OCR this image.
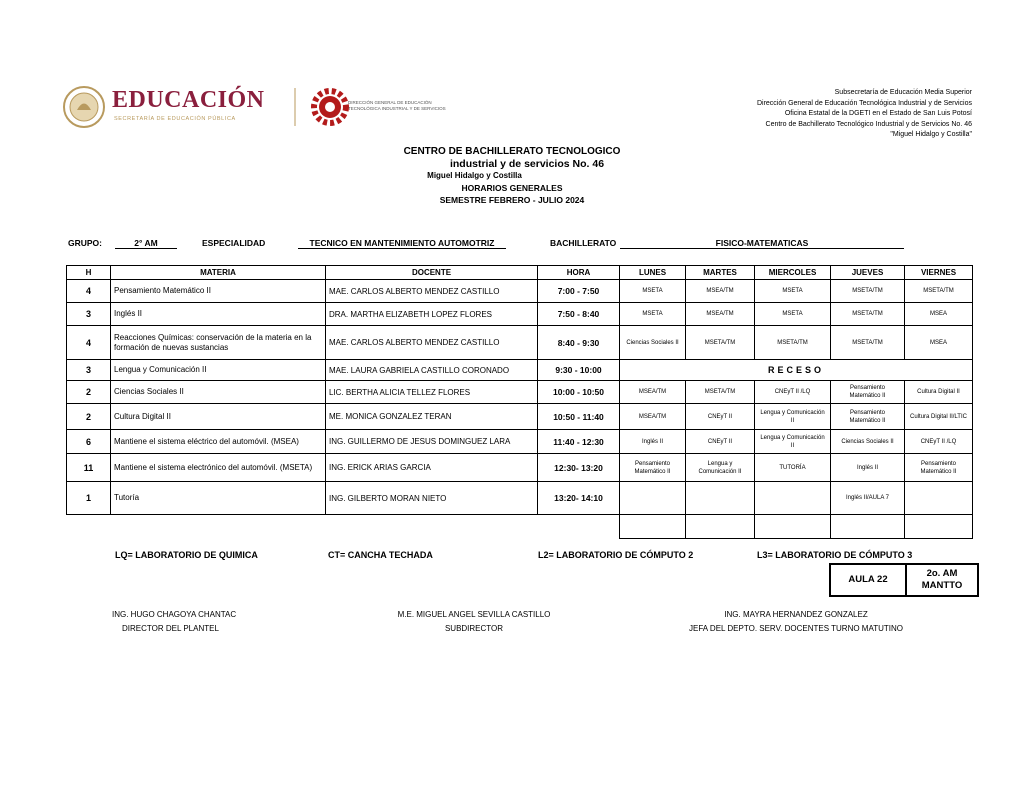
EDUCACIÓN
SECRETARÍA DE EDUCACIÓN PÚBLICA
DIRECCIÓN GENERAL DE EDUCACIÓN
TECNOLÓGICA INDUSTRIAL Y DE SERVICIOS
Subsecretaría de Educación Media Superior
Dirección General de Educación Tecnológica Industrial y de Servicios
Oficina Estatal de la DGETI en el Estado de San Luis Potosí
Centro de Bachillerato Tecnológico Industrial y de Servicios No. 46
"Miguel Hidalgo y Costilla"
CENTRO DE BACHILLERATO TECNOLOGICO
industrial y de servicios No. 46
Miguel Hidalgo y Costilla
HORARIOS GENERALES
SEMESTRE FEBRERO - JULIO 2024
GRUPO:	2° AM	ESPECIALIDAD	TECNICO EN MANTENIMIENTO AUTOMOTRIZ	BACHILLERATO	FISICO-MATEMATICAS
H	MATERIA	DOCENTE	HORA	LUNES	MARTES	MIERCOLES	JUEVES	VIERNES
4	Pensamiento Matemático II	MAE. CARLOS ALBERTO MENDEZ CASTILLO	7:00 - 7:50	MSETA	MSEA/TM	MSETA	MSETA/TM	MSETA/TM
3	Inglés II	DRA. MARTHA ELIZABETH LOPEZ FLORES	7:50 - 8:40	MSETA	MSEA/TM	MSETA	MSETA/TM	MSEA
4	Reacciones Químicas: conservación de la materia en la formación de nuevas sustancias	MAE. CARLOS ALBERTO MENDEZ CASTILLO	8:40 - 9:30	Ciencias Sociales II	MSETA/TM	MSETA/TM	MSETA/TM	MSEA
3	Lengua y Comunicación II	MAE. LAURA GABRIELA CASTILLO CORONADO	9:30 - 10:00	RECESO				
2	Ciencias Sociales II	LIC. BERTHA ALICIA TELLEZ FLORES	10:00 - 10:50	MSEA/TM	MSETA/TM	CNEyT II /LQ	Pensamiento Matemático II	Cultura Digital II
2	Cultura Digital II	ME. MONICA GONZALEZ TERAN	10:50 - 11:40	MSEA/TM	CNEyT II	Lengua y Comunicación II	Pensamiento Matemático II	Cultura Digital II/LTIC
6	Mantiene el sistema eléctrico del automóvil. (MSEA)	ING. GUILLERMO DE JESUS DOMINGUEZ LARA	11:40 - 12:30	Inglés II	CNEyT II	Lengua y Comunicación II	Ciencias Sociales II	CNEyT II /LQ
11	Mantiene el sistema electrónico del automóvil. (MSETA)	ING. ERICK ARIAS GARCIA	12:30- 13:20	Pensamiento Matemático II	Lengua y Comunicación II	TUTORÍA	Inglés II	Pensamiento Matemático II
1	Tutoría	ING. GILBERTO MORAN NIETO	13:20- 14:10				Inglés II/AULA 7	

LQ= LABORATORIO DE QUIMICA	CT= CANCHA TECHADA	L2= LABORATORIO DE CÓMPUTO 2	L3= LABORATORIO DE CÓMPUTO 3
AULA 22	
2o. AM
MANTTO
ING. HUGO CHAGOYA CHANTAC
DIRECTOR DEL PLANTEL
M.E. MIGUEL ANGEL SEVILLA CASTILLO
SUBDIRECTOR
ING. MAYRA HERNANDEZ GONZALEZ
JEFA DEL DEPTO. SERV. DOCENTES TURNO MATUTINO
